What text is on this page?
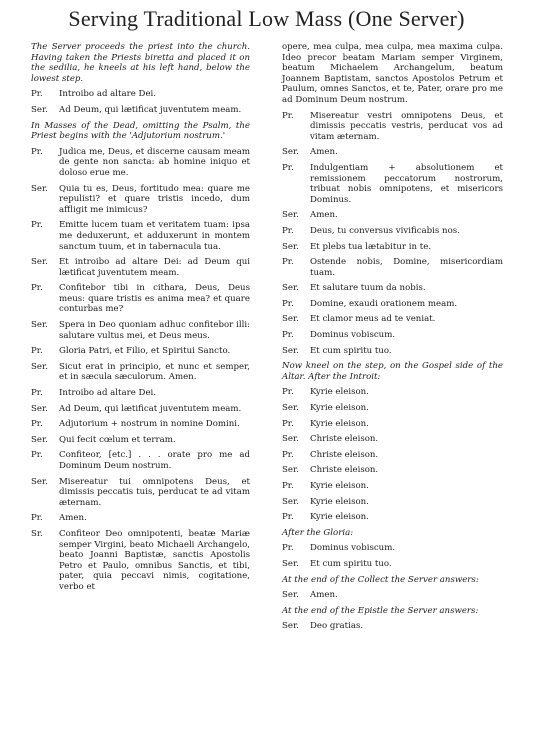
Serving Traditional Low Mass (One Server)
The Server proceeds the priest into the church. Having taken the Priests biretta and placed it on the sedilia, he kneels at his left hand, below the lowest step.
Pr.	Introibo ad altare Dei.
Ser.	Ad Deum, qui lætificat juventutem meam.
In Masses of the Dead, omitting the Psalm, the Priest begins with the 'Adjutorium nostrum.'
Pr.	Judica me, Deus, et discerne causam meam de gente non sancta: ab homine iniquo et doloso erue me.
Ser.	Quia tu es, Deus, fortitudo mea: quare me repulisti? et quare tristis incedo, dum affligit me inimicus?
Pr.	Emitte lucem tuam et veritatem tuam: ipsa me deduxerunt, et adduxerunt in montem sanctum tuum, et in tabernacula tua.
Ser.	Et introibo ad altare Dei: ad Deum qui lætificat juventutem meam.
Pr.	Confitebor tibi in cithara, Deus, Deus meus: quare tristis es anima mea? et quare conturbas me?
Ser.	Spera in Deo quoniam adhuc confitebor illi: salutare vultus mei, et Deus meus.
Pr.	Gloria Patri, et Filio, et Spiritui Sancto.
Ser.	Sicut erat in principio, et nunc et semper, et in sæcula sæculorum. Amen.
Pr.	Introibo ad altare Dei.
Ser.	Ad Deum, qui lætificat juventutem meam.
Pr.	Adjutorium + nostrum in nomine Domini.
Ser.	Qui fecit cœlum et terram.
Pr.	Confiteor, [etc.] . . . orate pro me ad Dominum Deum nostrum.
Ser.	Misereatur tui omnipotens Deus, et dimissis peccatis tuis, perducat te ad vitam æternam.
Pr.	Amen.
Sr.	Confiteor Deo omnipotenti, beatæ Mariæ semper Virgini, beato Michaeli Archangelo, beato Joanni Baptistæ, sanctis Apostolis Petro et Paulo, omnibus Sanctis, et tibi, pater, quia peccavi nimis, cogitatione, verbo et
opere, mea culpa, mea culpa, mea maxima culpa. Ideo precor beatam Mariam semper Virginem, beatum Michaelem Archangelum, beatum Joannem Baptistam, sanctos Apostolos Petrum et Paulum, omnes Sanctos, et te, Pater, orare pro me ad Dominum Deum nostrum.
Pr.	Misereatur vestri omnipotens Deus, et dimissis peccatis vestris, perducat vos ad vitam æternam.
Ser.	Amen.
Pr.	Indulgentiam + absolutionem et remissionem peccatorum nostrorum, tribuat nobis omnipotens, et misericors Dominus.
Ser.	Amen.
Pr.	Deus, tu conversus vivificabis nos.
Ser.	Et plebs tua lætabitur in te.
Pr.	Ostende nobis, Domine, misericordiam tuam.
Ser.	Et salutare tuum da nobis.
Pr.	Domine, exaudi orationem meam.
Ser.	Et clamor meus ad te veniat.
Pr.	Dominus vobiscum.
Ser.	Et cum spiritu tuo.
Now kneel on the step, on the Gospel side of the Altar. After the Introit:
Pr.	Kyrie eleison.
Ser.	Kyrie eleison.
Pr.	Kyrie eleison.
Ser.	Christe eleison.
Pr.	Christe eleison.
Ser.	Christe eleison.
Pr.	Kyrie eleison.
Ser.	Kyrie eleison.
Pr.	Kyrie eleison.
After the Gloria:
Pr.	Dominus vobiscum.
Ser.	Et cum spiritu tuo.
At the end of the Collect the Server answers:
Ser.	Amen.
At the end of the Epistle the Server answers:
Ser.	Deo gratias.
